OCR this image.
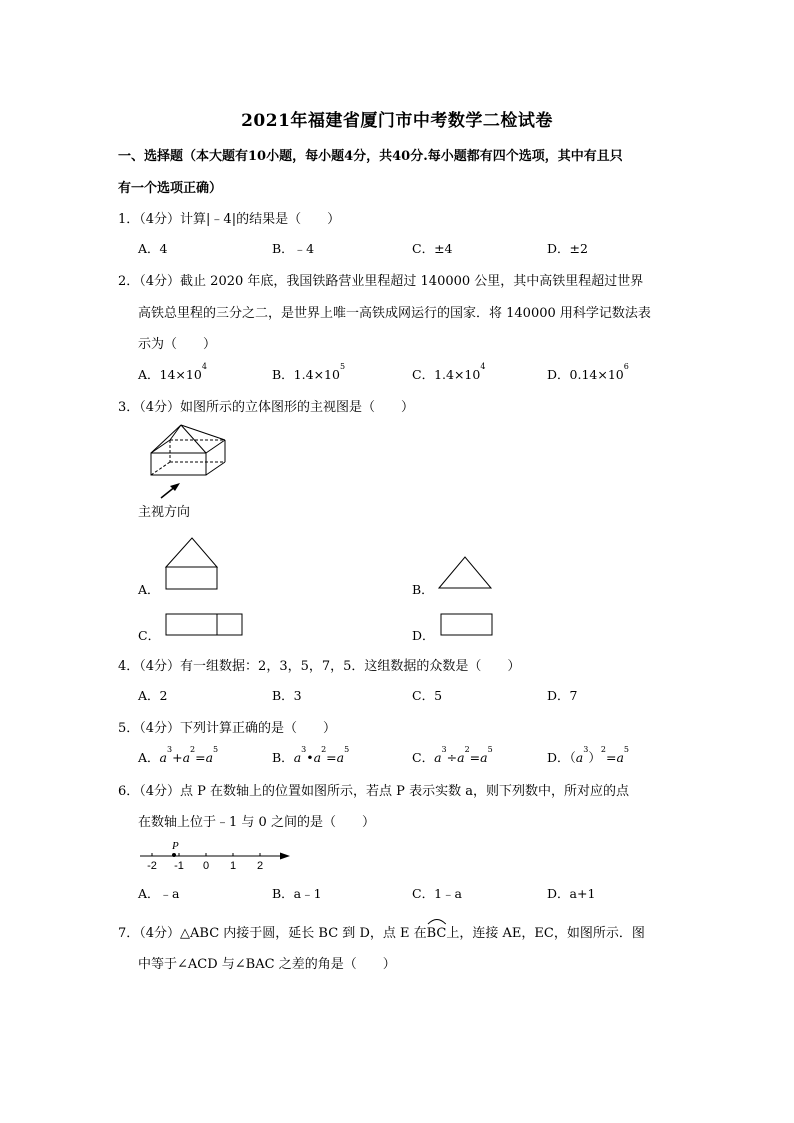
2021年福建省厦门市中考数学二检试卷
一、选择题（本大题有10小题，每小题4分，共40分.每小题都有四个选项，其中有且只
有一个选项正确）
1．（4分）计算|﹣4|的结果是（　　）
A．4	B．﹣4	C．±4	D．±2
2．（4分）截止 2020 年底，我国铁路营业里程超过 140000 公里，其中高铁里程超过世界
高铁总里程的三分之二，是世界上唯一高铁成网运行的国家．将 140000 用科学记数法表
示为（　　）
A．$14\times 10^4$
B．$1.4\times 10^5$
C．$1.4\times 10^4$
D．$0.14\times 10^6$
3．（4分）如图所示的立体图形的主视图是（　　）
主视方向
A．	B．
C．	D．
4．（4分）有一组数据：2，3，5，7，5．这组数据的众数是（　　）
A．2	B．3	C．5	D．7
5．（4分）下列计算正确的是（　　）
A．$a^3+a^2=a^5$
B．$a^3•a^2=a^5$
C．$a^3\div a^2=a^5$
D．$(a^3)^2=a^5$
6．（4分）点 P 在数轴上的位置如图所示，若点 P 表示实数 a，则下列数中，所对应的点
在数轴上位于﹣1 与 0 之间的是（　　）
P
-2 -1 0 1 2
A．﹣a	B．a﹣1	C．1﹣a	D．a+1
7．（4分）△ABC 内接于圆，延长 BC 到 D，点 E 在
BC上，连接 AE，EC，如图所示．图
中等于∠ACD 与∠BAC 之差的角是（　　）
